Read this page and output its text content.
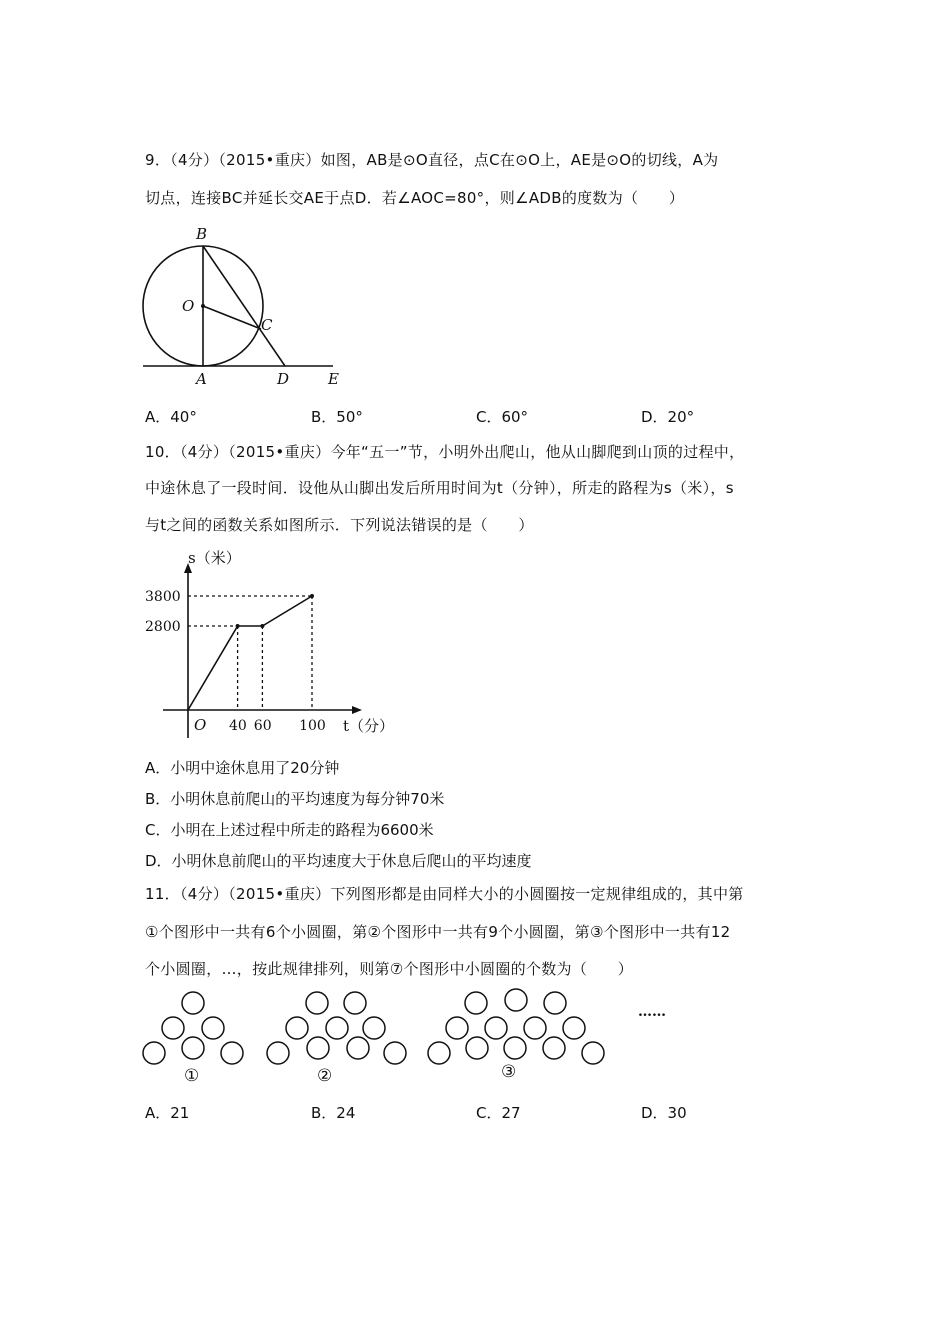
9．（4分）（2015•重庆）如图，AB是⊙O直径，点C在⊙O上，AE是⊙O的切线，A为
切点，连接BC并延长交AE于点D．若∠AOC=80°，则∠ADB的度数为（　　）
B
O
C
A	D	E
A．40°	B．50°	C．60°	D．20°
10．（4分）（2015•重庆）今年“五一”节，小明外出爬山，他从山脚爬到山顶的过程中，
中途休息了一段时间．设他从山脚出发后所用时间为t（分钟），所走的路程为s（米），s
与t之间的函数关系如图所示．下列说法错误的是（　　）
3800
2800
40 60 100
O
s（米）
t（分）
A．小明中途休息用了20分钟
B．小明休息前爬山的平均速度为每分钟70米
C．小明在上述过程中所走的路程为6600米
D．小明休息前爬山的平均速度大于休息后爬山的平均速度
11．（4分）（2015•重庆）下列图形都是由同样大小的小圆圈按一定规律组成的，其中第
①个图形中一共有6个小圆圈，第②个图形中一共有9个小圆圈，第③个图形中一共有12
个小圆圈，…，按此规律排列，则第⑦个图形中小圆圈的个数为（　　）
①	②	③
……
A．21	B．24	C．27	D．30
